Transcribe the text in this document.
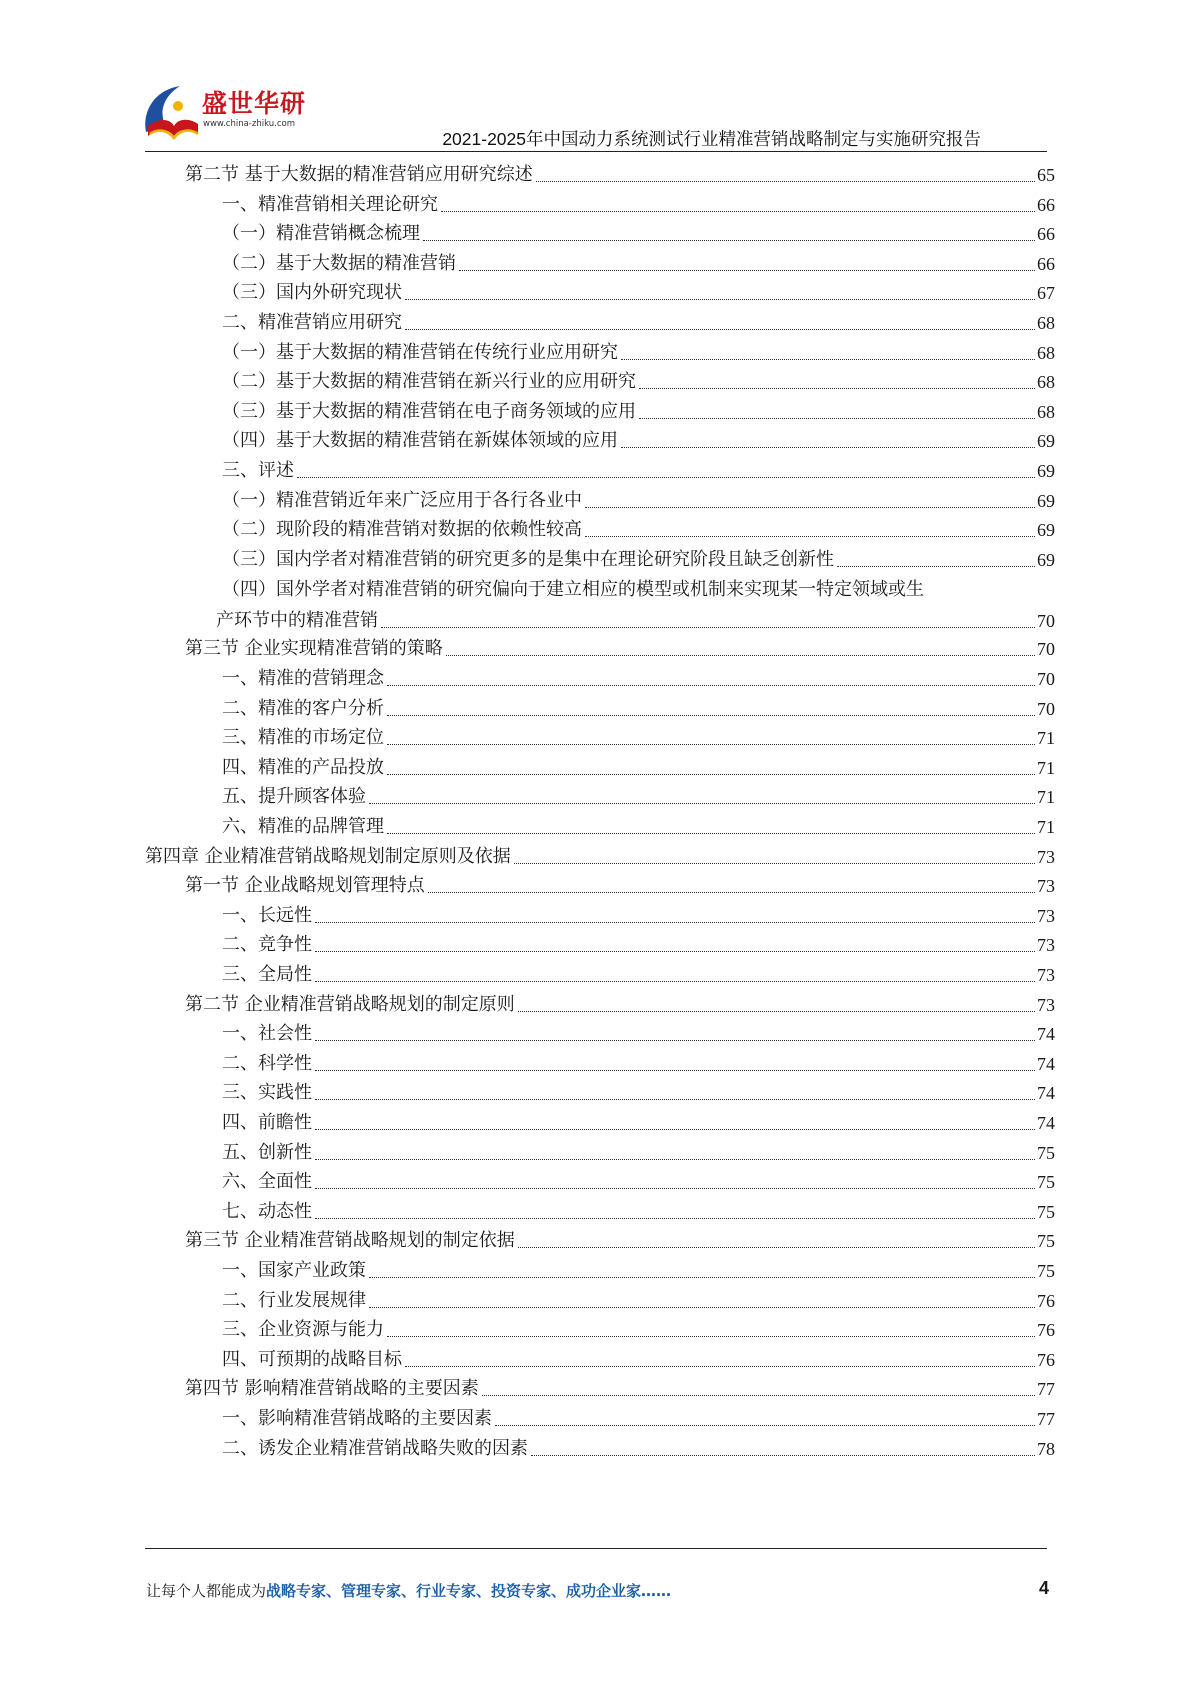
盛世华研
www.china-zhiku.com
2021-2025年中国动力系统测试行业精准营销战略制定与实施研究报告
第二节 基于大数据的精准营销应用研究综述	65
一、精准营销相关理论研究	66
（一）精准营销概念梳理	66
（二）基于大数据的精准营销	66
（三）国内外研究现状	67
二、精准营销应用研究	68
（一）基于大数据的精准营销在传统行业应用研究	68
（二）基于大数据的精准营销在新兴行业的应用研究	68
（三）基于大数据的精准营销在电子商务领域的应用	68
（四）基于大数据的精准营销在新媒体领域的应用	69
三、评述	69
（一）精准营销近年来广泛应用于各行各业中	69
（二）现阶段的精准营销对数据的依赖性较高	69
（三）国内学者对精准营销的研究更多的是集中在理论研究阶段且缺乏创新性	69
（四）国外学者对精准营销的研究偏向于建立相应的模型或机制来实现某一特定领域或生
产环节中的精准营销	70
第三节 企业实现精准营销的策略	70
一、精准的营销理念	70
二、精准的客户分析	70
三、精准的市场定位	71
四、精准的产品投放	71
五、提升顾客体验	71
六、精准的品牌管理	71
第四章 企业精准营销战略规划制定原则及依据	73
第一节 企业战略规划管理特点	73
一、长远性	73
二、竞争性	73
三、全局性	73
第二节 企业精准营销战略规划的制定原则	73
一、社会性	74
二、科学性	74
三、实践性	74
四、前瞻性	74
五、创新性	75
六、全面性	75
七、动态性	75
第三节 企业精准营销战略规划的制定依据	75
一、国家产业政策	75
二、行业发展规律	76
三、企业资源与能力	76
四、可预期的战略目标	76
第四节 影响精准营销战略的主要因素	77
一、影响精准营销战略的主要因素	77
二、诱发企业精准营销战略失败的因素	78
让每个人都能成为战略专家、管理专家、行业专家、投资专家、成功企业家……	4
